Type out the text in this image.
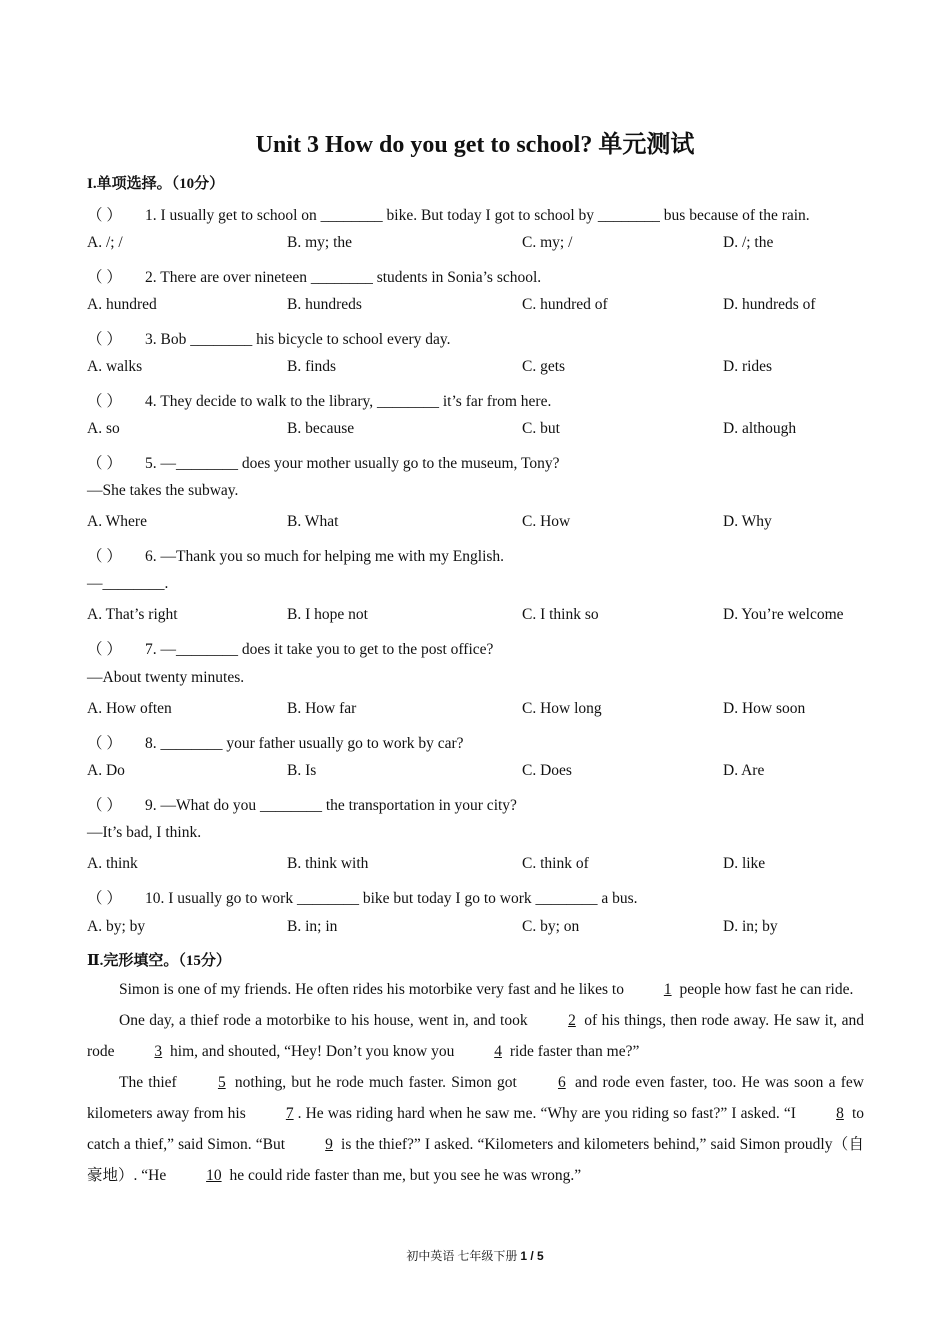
Unit 3 How do you get to school? 单元测试
I.单项选择。（10分）
（ ） 1. I usually get to school on ________ bike. But today I got to school by ________ bus because of the rain.
A. /; /	B. my; the	C. my; /	D. /; the
（ ） 2. There are over nineteen ________ students in Sonia’s school.
A. hundred	B. hundreds	C. hundred of	D. hundreds of
（ ） 3. Bob ________ his bicycle to school every day.
A. walks	B. finds	C. gets	D. rides
（ ） 4. They decide to walk to the library, ________ it’s far from here.
A. so	B. because	C. but	D. although
（ ） 5. —________ does your mother usually go to the museum, Tony?
—She takes the subway.
A. Where	B. What	C. How	D. Why
（ ） 6. —Thank you so much for helping me with my English.
—________.
A. That’s right	B. I hope not	C. I think so	D. You’re welcome
（ ） 7. —________ does it take you to get to the post office?
—About twenty minutes.
A. How often	B. How far	C. How long	D. How soon
（ ） 8. ________ your father usually go to work by car?
A. Do	B. Is	C. Does	D. Are
（ ） 9. —What do you ________ the transportation in your city?
—It’s bad, I think.
A. think	B. think with	C. think of	D. like
（ ） 10. I usually go to work ________ bike but today I go to work ________ a bus.
A. by; by	B. in; in	C. by; on	D. in; by
Ⅱ.完形填空。（15分）

Simon is one of my friends. He often rides his motorbike very fast and he likes to 1 people how fast he can ride.

One day, a thief rode a motorbike to his house, went in, and took 2 of his things, then rode away. He saw it, and rode 3 him, and shouted, “Hey! Don’t you know you 4 ride faster than me?”

The thief 5 nothing, but he rode much faster. Simon got 6 and rode even faster, too. He was soon a few kilometers away from his 7 . He was riding hard when he saw me. “Why are you riding so fast?” I asked. “I 8 to catch a thief,” said Simon. “But 9 is the thief?” I asked. “Kilometers and kilometers behind,” said Simon proudly（自豪地）. “He 10 he could ride faster than me, but you see he was wrong.”

初中英语 七年级下册 1 / 5
